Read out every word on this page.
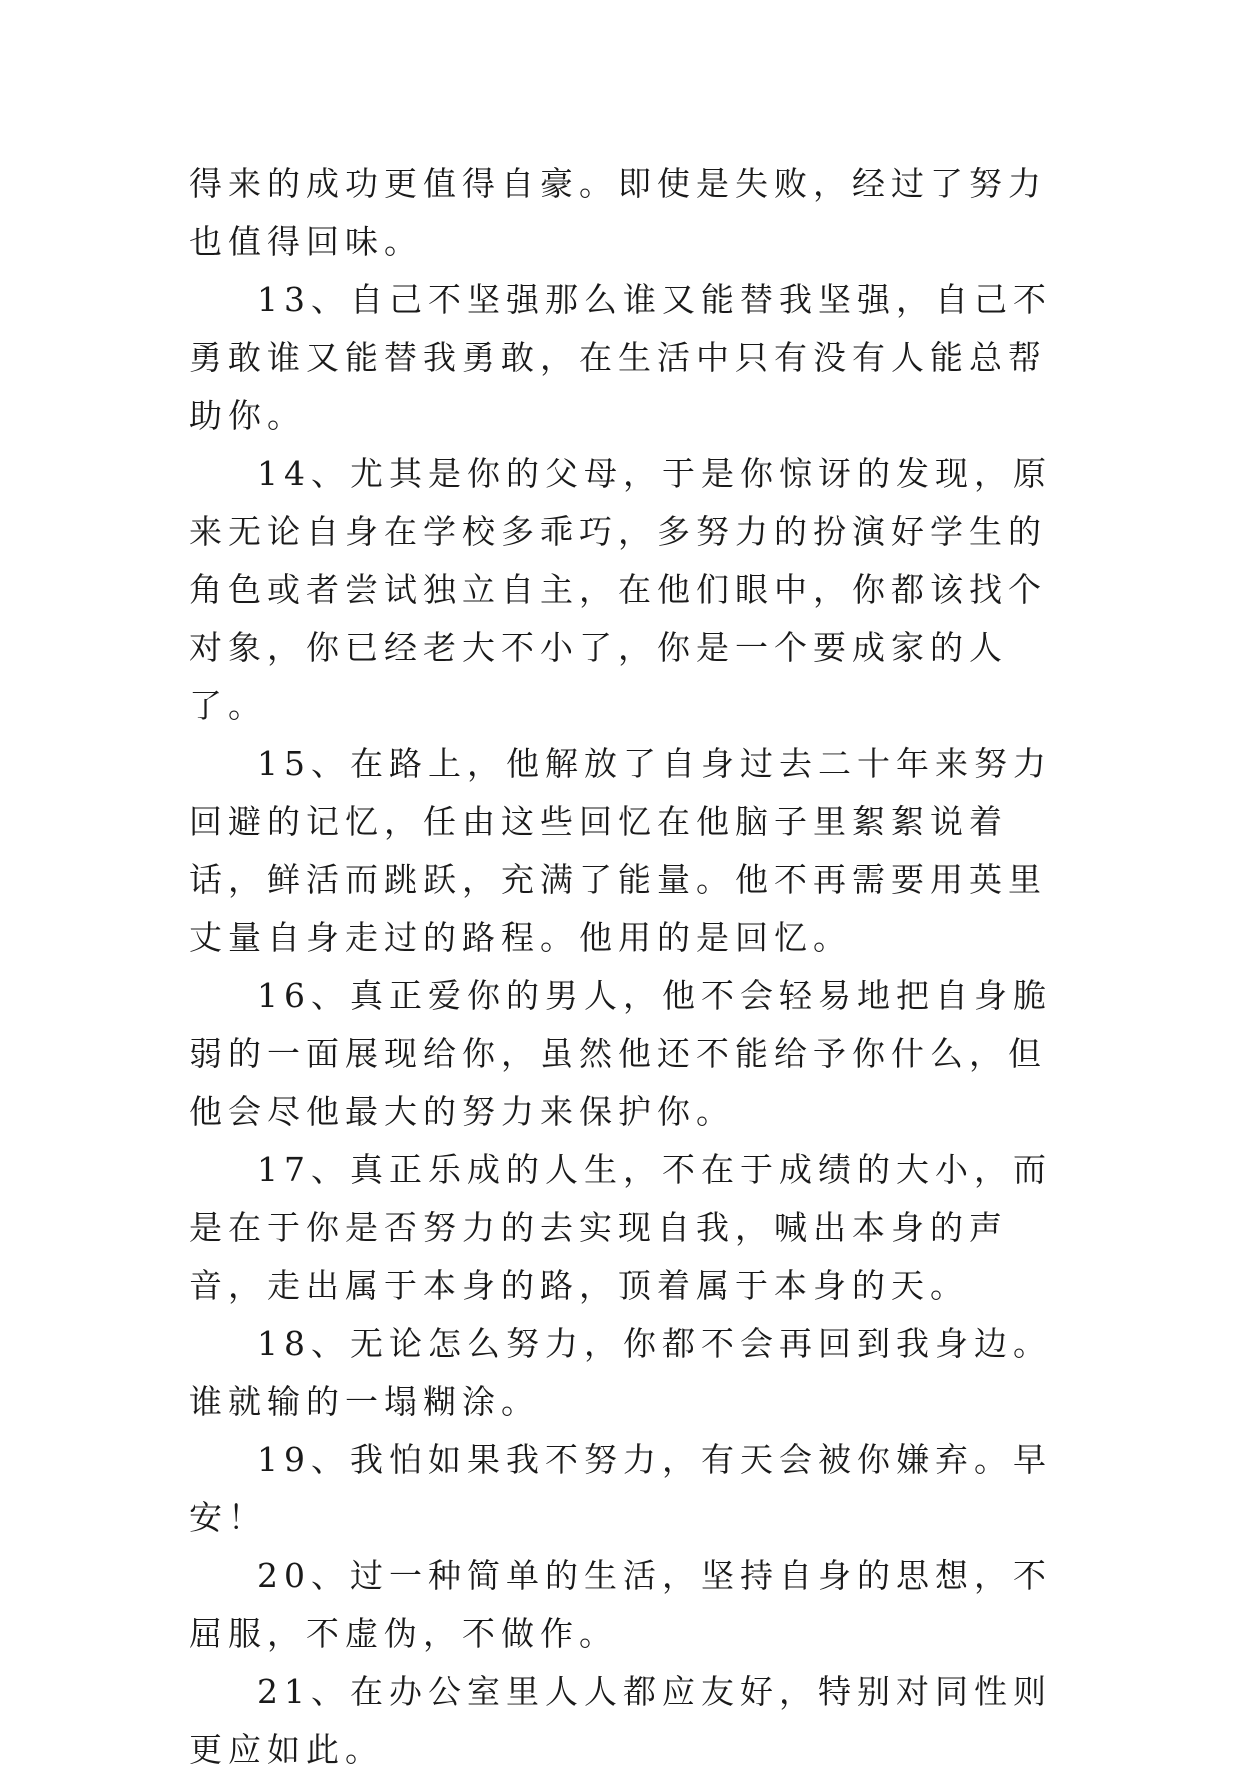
得来的成功更值得自豪。即使是失败，经过了努力也值得回味。

13、自己不坚强那么谁又能替我坚强，自己不勇敢谁又能替我勇敢，在生活中只有没有人能总帮助你。

14、尤其是你的父母，于是你惊讶的发现，原来无论自身在学校多乖巧，多努力的扮演好学生的角色或者尝试独立自主，在他们眼中，你都该找个对象，你已经老大不小了，你是一个要成家的人了。

15、在路上，他解放了自身过去二十年来努力回避的记忆，任由这些回忆在他脑子里絮絮说着话，鲜活而跳跃，充满了能量。他不再需要用英里丈量自身走过的路程。他用的是回忆。

16、真正爱你的男人，他不会轻易地把自身脆弱的一面展现给你，虽然他还不能给予你什么，但他会尽他最大的努力来保护你。

17、真正乐成的人生，不在于成绩的大小，而是在于你是否努力的去实现自我，喊出本身的声音，走出属于本身的路，顶着属于本身的天。

18、无论怎么努力，你都不会再回到我身边。谁就输的一塌糊涂。

19、我怕如果我不努力，有天会被你嫌弃。早安！

20、过一种简单的生活，坚持自身的思想，不屈服，不虚伪，不做作。

21、在办公室里人人都应友好，特别对同性则更应如此。
